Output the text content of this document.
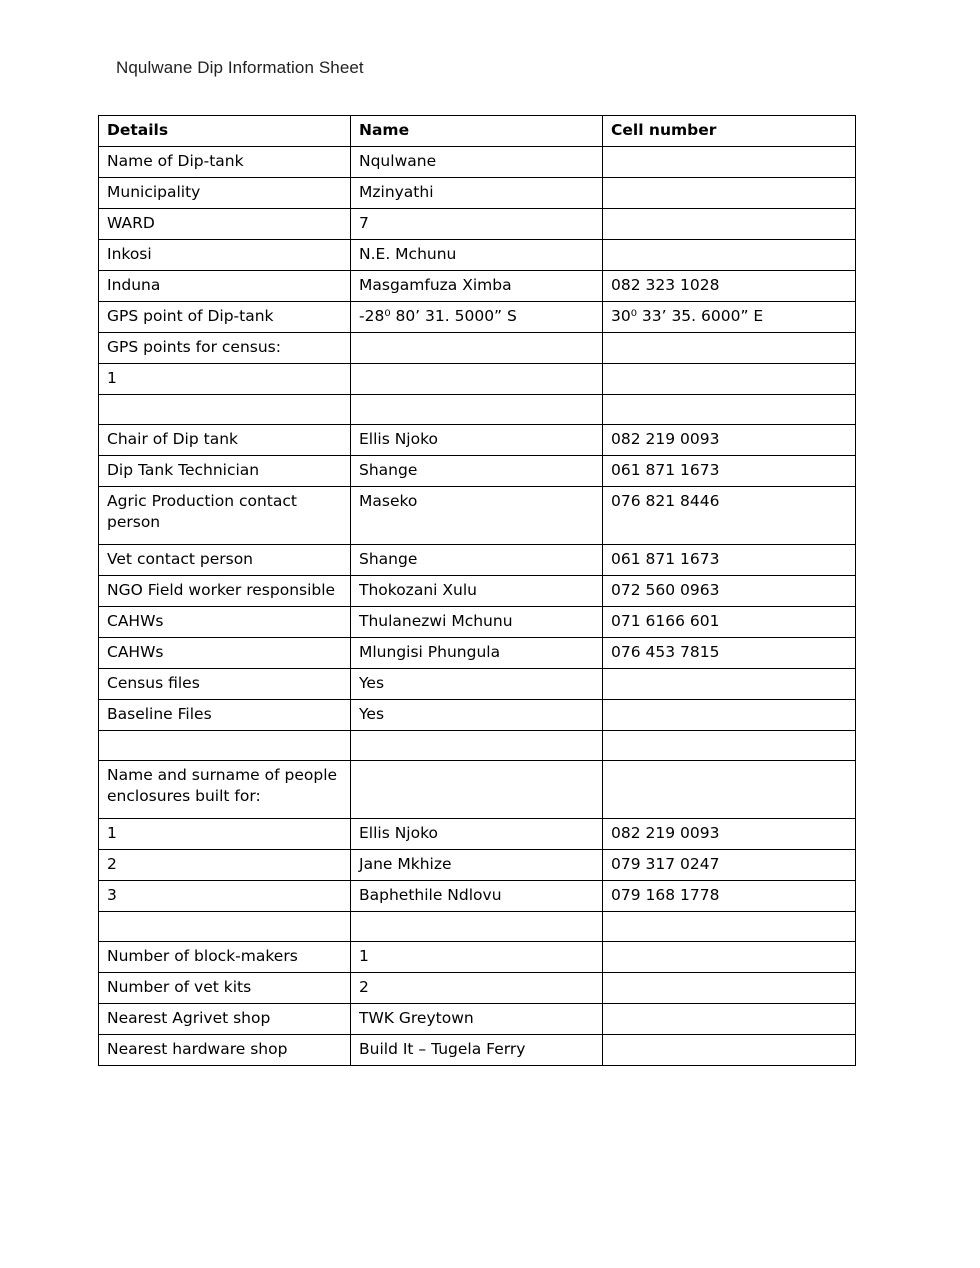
Nqulwane Dip Information Sheet
Details	Name	Cell number
Name of Dip-tank	Nqulwane	
Municipality	Mzinyathi	
WARD	7	
Inkosi	N.E. Mchunu	
Induna	Masgamfuza Ximba	082 323 1028
GPS point of Dip-tank	-28⁰ 80’ 31. 5000” S	30⁰ 33’ 35. 6000” E
GPS points for census:		
1		

Chair of Dip tank	Ellis Njoko	082 219 0093
Dip Tank Technician	Shange	061 871 1673
Agric Production contact person	Maseko	076 821 8446
Vet contact person	Shange	061 871 1673
NGO Field worker responsible	Thokozani Xulu	072 560 0963
CAHWs	Thulanezwi Mchunu	071 6166 601
CAHWs	Mlungisi Phungula	076 453 7815
Census files	Yes	
Baseline Files	Yes	

Name and surname of people enclosures built for:		
1	Ellis Njoko	082 219 0093
2	Jane Mkhize	079 317 0247
3	Baphethile Ndlovu	079 168 1778

Number of block-makers	1	
Number of vet kits	2	
Nearest Agrivet shop	TWK Greytown	
Nearest hardware shop	Build It – Tugela Ferry	
